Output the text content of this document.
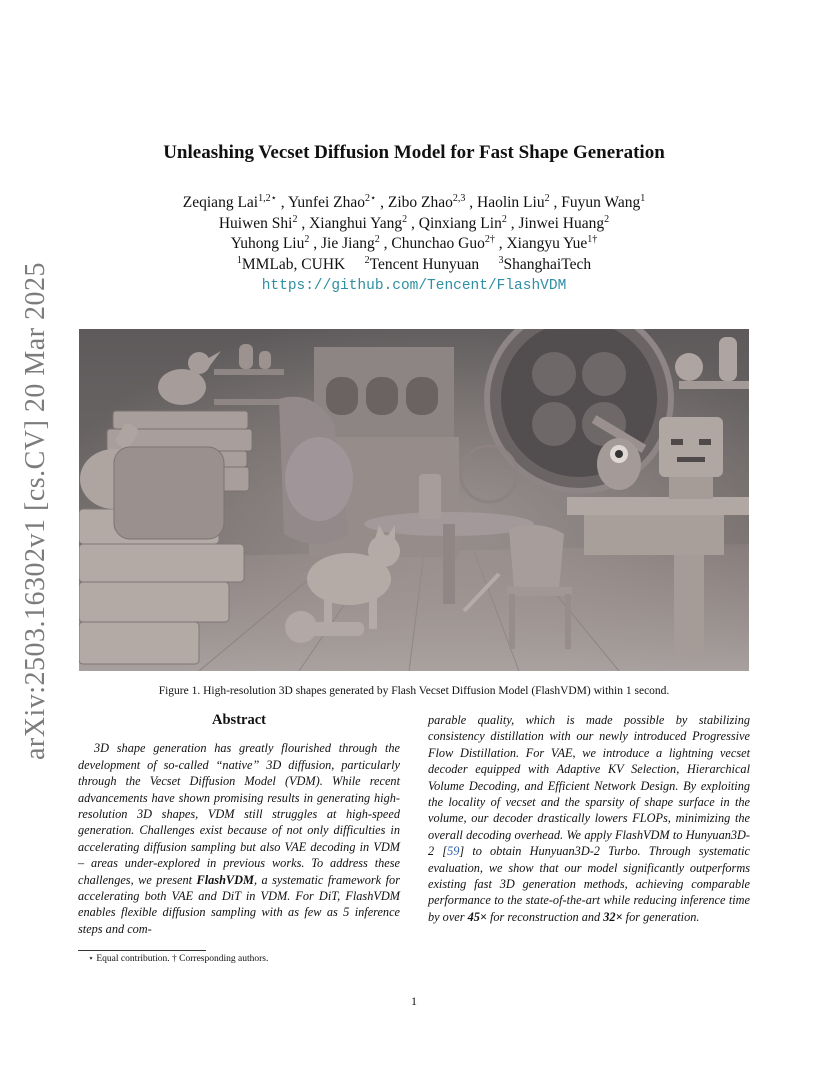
arXiv:2503.16302v1 [cs.CV] 20 Mar 2025
Unleashing Vecset Diffusion Model for Fast Shape Generation
Zeqiang Lai$^{1,2⋆}$ , Yunfei Zhao$^{2⋆}$ , Zibo Zhao$^{2,3}$ , Haolin Liu$^2$ , Fuyun Wang$^1$
Huiwen Shi$^2$ , Xianghui Yang$^2$ , Qinxiang Lin$^2$ , Jinwei Huang$^2$
Yuhong Liu$^2$ , Jie Jiang$^2$ , Chunchao Guo$^{2\dagger}$ , Xiangyu Yue$^{1\dagger}$
$^1$MMLab, CUHK $^2$Tencent Hunyuan $^3$ShanghaiTech
https://github.com/Tencent/FlashVDM
Figure 1. High-resolution 3D shapes generated by Flash Vecset Diffusion Model (FlashVDM) within 1 second.
Abstract

3D shape generation has greatly flourished through the development of so-called “native” 3D diffusion, particularly through the Vecset Diffusion Model (VDM). While recent advancements have shown promising results in generating high-resolution 3D shapes, VDM still struggles at high-speed generation. Challenges exist because of not only difficulties in accelerating diffusion sampling but also VAE decoding in VDM – areas under-explored in previous works. To address these challenges, we present FlashVDM, a systematic framework for accelerating both VAE and DiT in VDM. For DiT, FlashVDM enables flexible diffusion sampling with as few as 5 inference steps and com-

parable quality, which is made possible by stabilizing consistency distillation with our newly introduced Progressive Flow Distillation. For VAE, we introduce a lightning vecset decoder equipped with Adaptive KV Selection, Hierarchical Volume Decoding, and Efficient Network Design. By exploiting the locality of vecset and the sparsity of shape surface in the volume, our decoder drastically lowers FLOPs, minimizing the overall decoding overhead. We apply FlashVDM to Hunyuan3D-2 [59] to obtain Hunyuan3D-2 Turbo. Through systematic evaluation, we show that our model significantly outperforms existing fast 3D generation methods, achieving comparable performance to the state-of-the-art while reducing inference time by over 45× for reconstruction and 32× for generation.

⋆ Equal contribution. † Corresponding authors.
1
